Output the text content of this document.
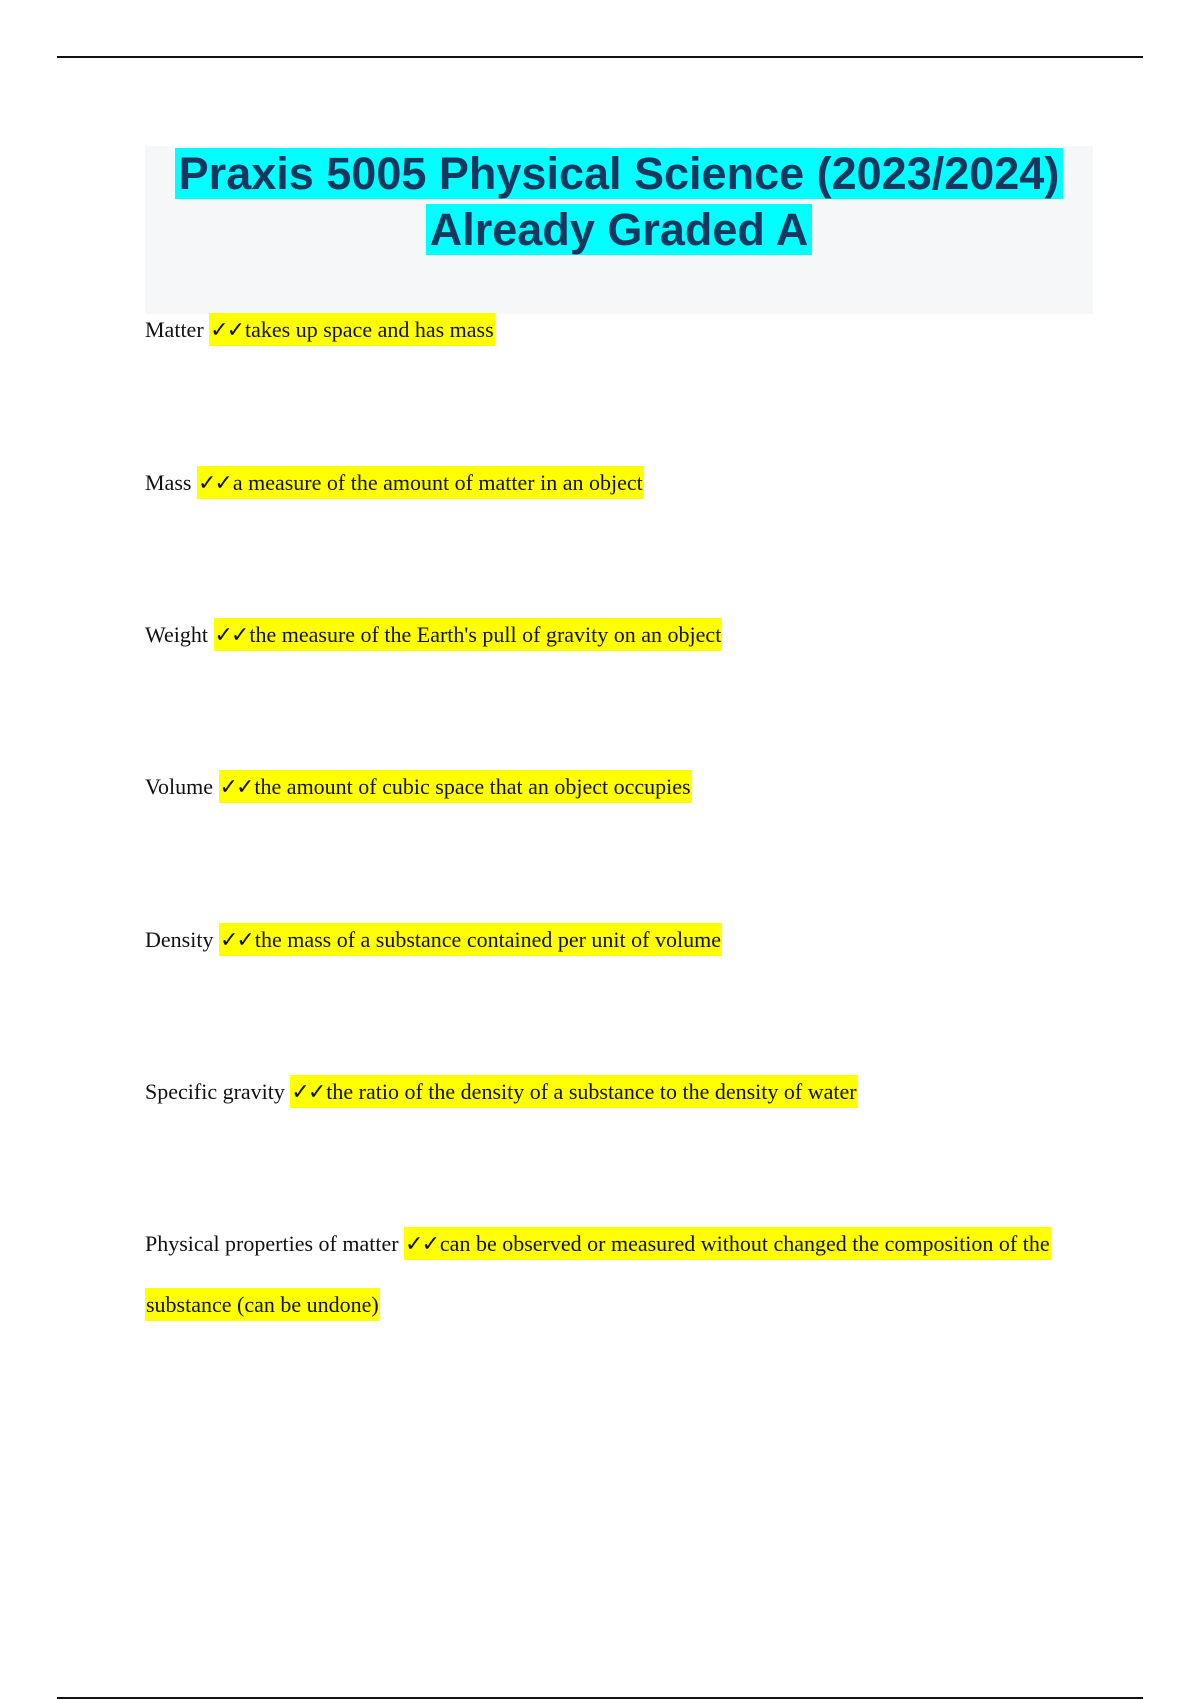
Praxis 5005 Physical Science (2023/2024) Already Graded A
Matter ✓✓takes up space and has mass
Mass ✓✓a measure of the amount of matter in an object
Weight ✓✓the measure of the Earth's pull of gravity on an object
Volume ✓✓the amount of cubic space that an object occupies
Density ✓✓the mass of a substance contained per unit of volume
Specific gravity ✓✓the ratio of the density of a substance to the density of water
Physical properties of matter ✓✓can be observed or measured without changed the composition of the substance (can be undone)
